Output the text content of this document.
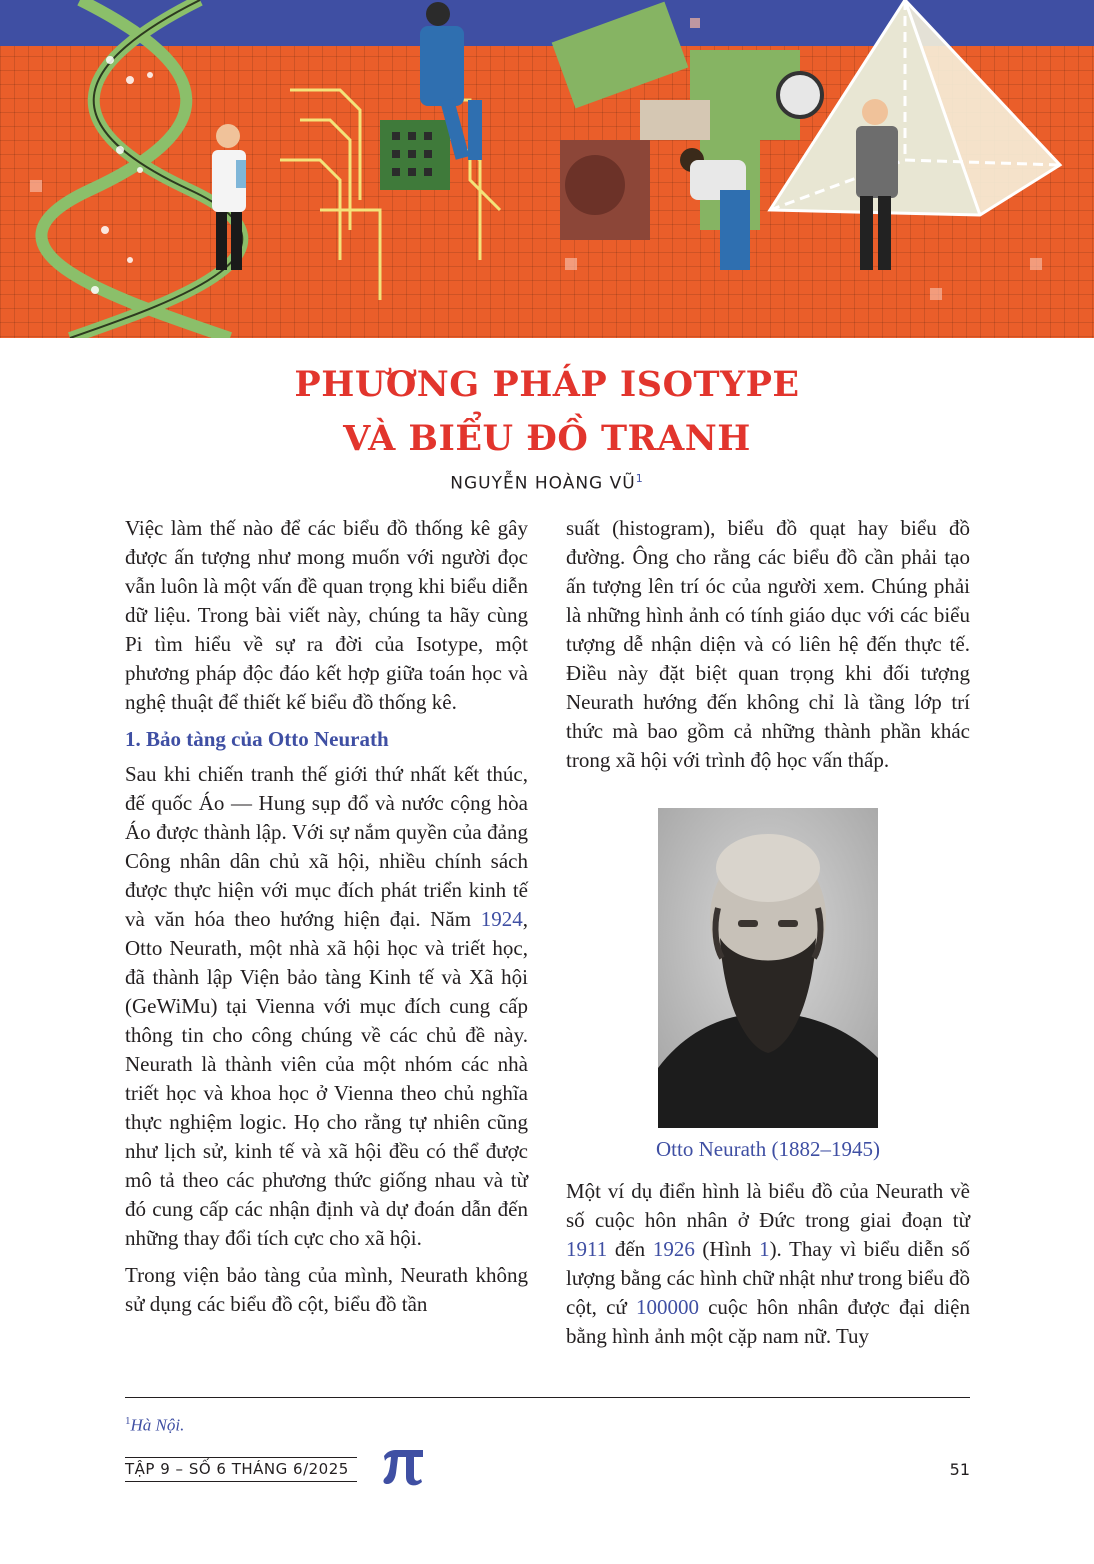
PHƯƠNG PHÁP ISOTYPE
VÀ BIỂU ĐỒ TRANH
NGUYỄN HOÀNG $VŨ^1$

Việc làm thế nào để các biểu đồ thống kê gây được ấn tượng như mong muốn với người đọc vẫn luôn là một vấn đề quan trọng khi biểu diễn dữ liệu. Trong bài viết này, chúng ta hãy cùng Pi tìm hiểu về sự ra đời của Isotype, một phương pháp độc đáo kết hợp giữa toán học và nghệ thuật để thiết kế biểu đồ thống kê.

1. Bảo tàng của Otto Neurath

Sau khi chiến tranh thế giới thứ nhất kết thúc, đế quốc Áo — Hung sụp đổ và nước cộng hòa Áo được thành lập. Với sự nắm quyền của đảng Công nhân dân chủ xã hội, nhiều chính sách được thực hiện với mục đích phát triển kinh tế và văn hóa theo hướng hiện đại. Năm 1924, Otto Neurath, một nhà xã hội học và triết học, đã thành lập Viện bảo tàng Kinh tế và Xã hội (GeWiMu) tại Vienna với mục đích cung cấp thông tin cho công chúng về các chủ đề này. Neurath là thành viên của một nhóm các nhà triết học và khoa học ở Vienna theo chủ nghĩa thực nghiệm logic. Họ cho rằng tự nhiên cũng như lịch sử, kinh tế và xã hội đều có thể được mô tả theo các phương thức giống nhau và từ đó cung cấp các nhận định và dự đoán dẫn đến những thay đổi tích cực cho xã hội.

Trong viện bảo tàng của mình, Neurath không sử dụng các biểu đồ cột, biểu đồ tần

suất (histogram), biểu đồ quạt hay biểu đồ đường. Ông cho rằng các biểu đồ cần phải tạo ấn tượng lên trí óc của người xem. Chúng phải là những hình ảnh có tính giáo dục với các biểu tượng dễ nhận diện và có liên hệ đến thực tế. Điều này đặt biệt quan trọng khi đối tượng Neurath hướng đến không chỉ là tầng lớp trí thức mà bao gồm cả những thành phần khác trong xã hội với trình độ học vấn thấp.

Otto Neurath (1882–1945)

Một ví dụ điển hình là biểu đồ của Neurath về số cuộc hôn nhân ở Đức trong giai đoạn từ 1911 đến 1926 (Hình 1). Thay vì biểu diễn số lượng bằng các hình chữ nhật như trong biểu đồ cột, cứ 100000 cuộc hôn nhân được đại diện bằng hình ảnh một cặp nam nữ. Tuy

$^1$Hà Nội.
TẬP 9 – SỐ 6 THÁNG 6/2025	51
